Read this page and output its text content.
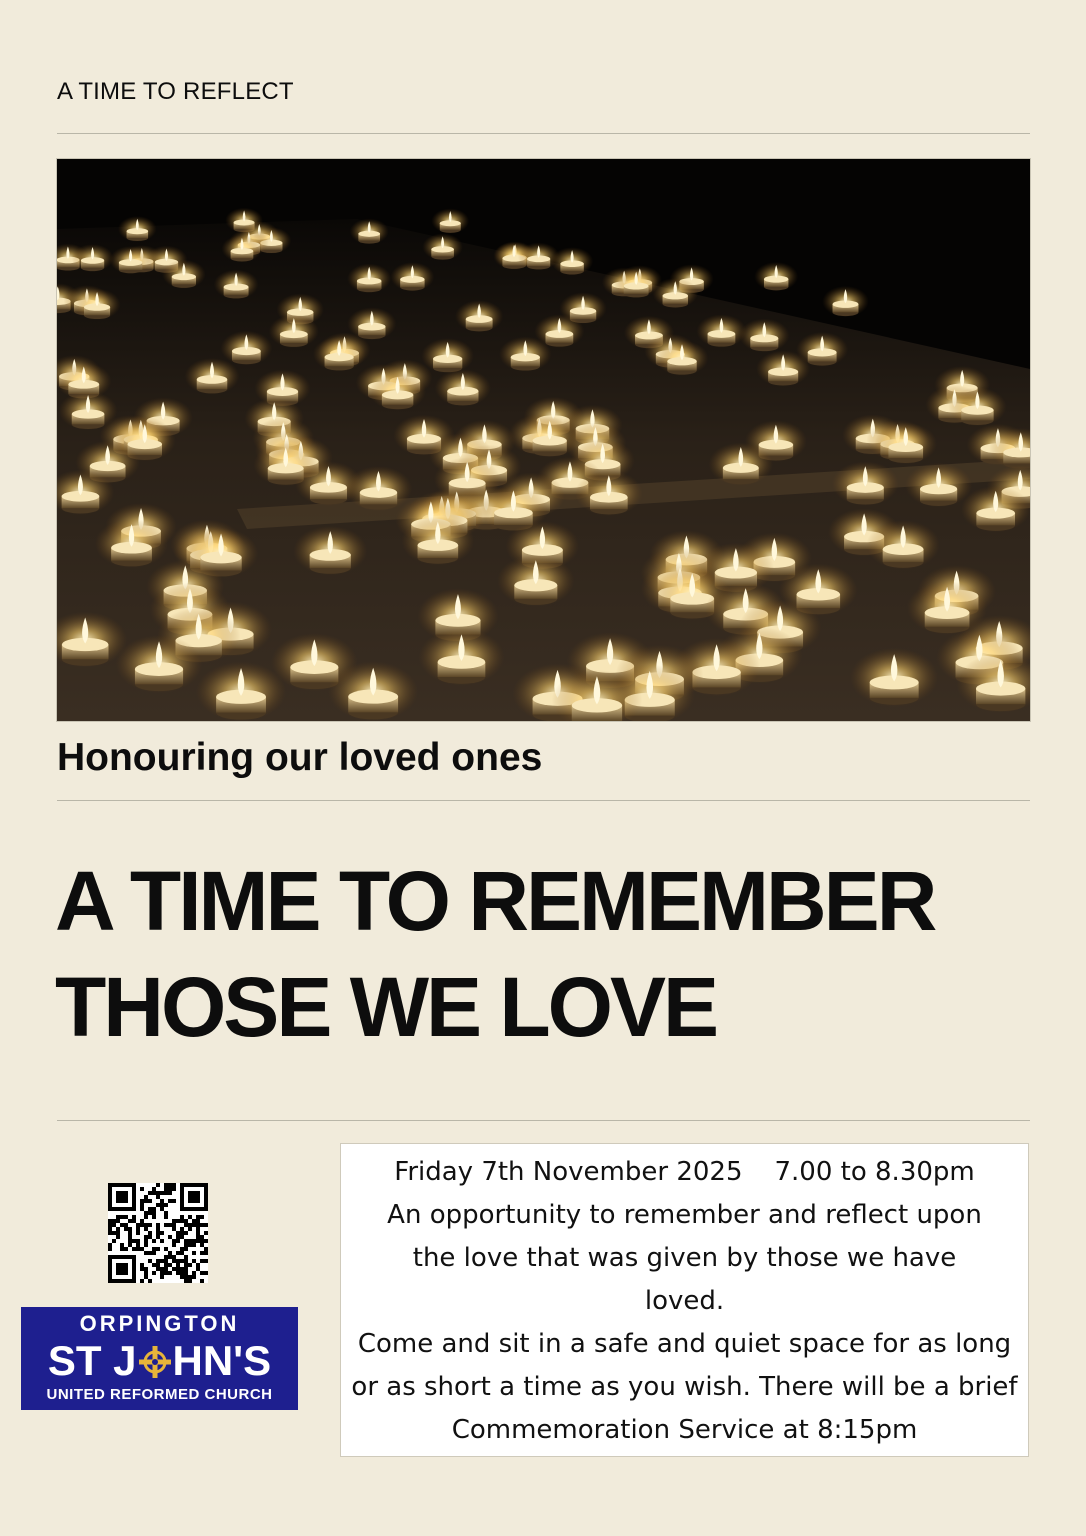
A TIME TO REFLECT
Honouring our loved ones
A TIME TO REMEMBER
THOSE WE LOVE
ORPINGTON
ST J HN'S
UNITED REFORMED CHURCH

Friday 7th November 2025 7.00 to 8.30pm

An opportunity to remember and reflect upon the love that was given by those we have loved.

Come and sit in a safe and quiet space for as long or as short a time as you wish. There will be a brief Commemoration Service at 8:15pm
